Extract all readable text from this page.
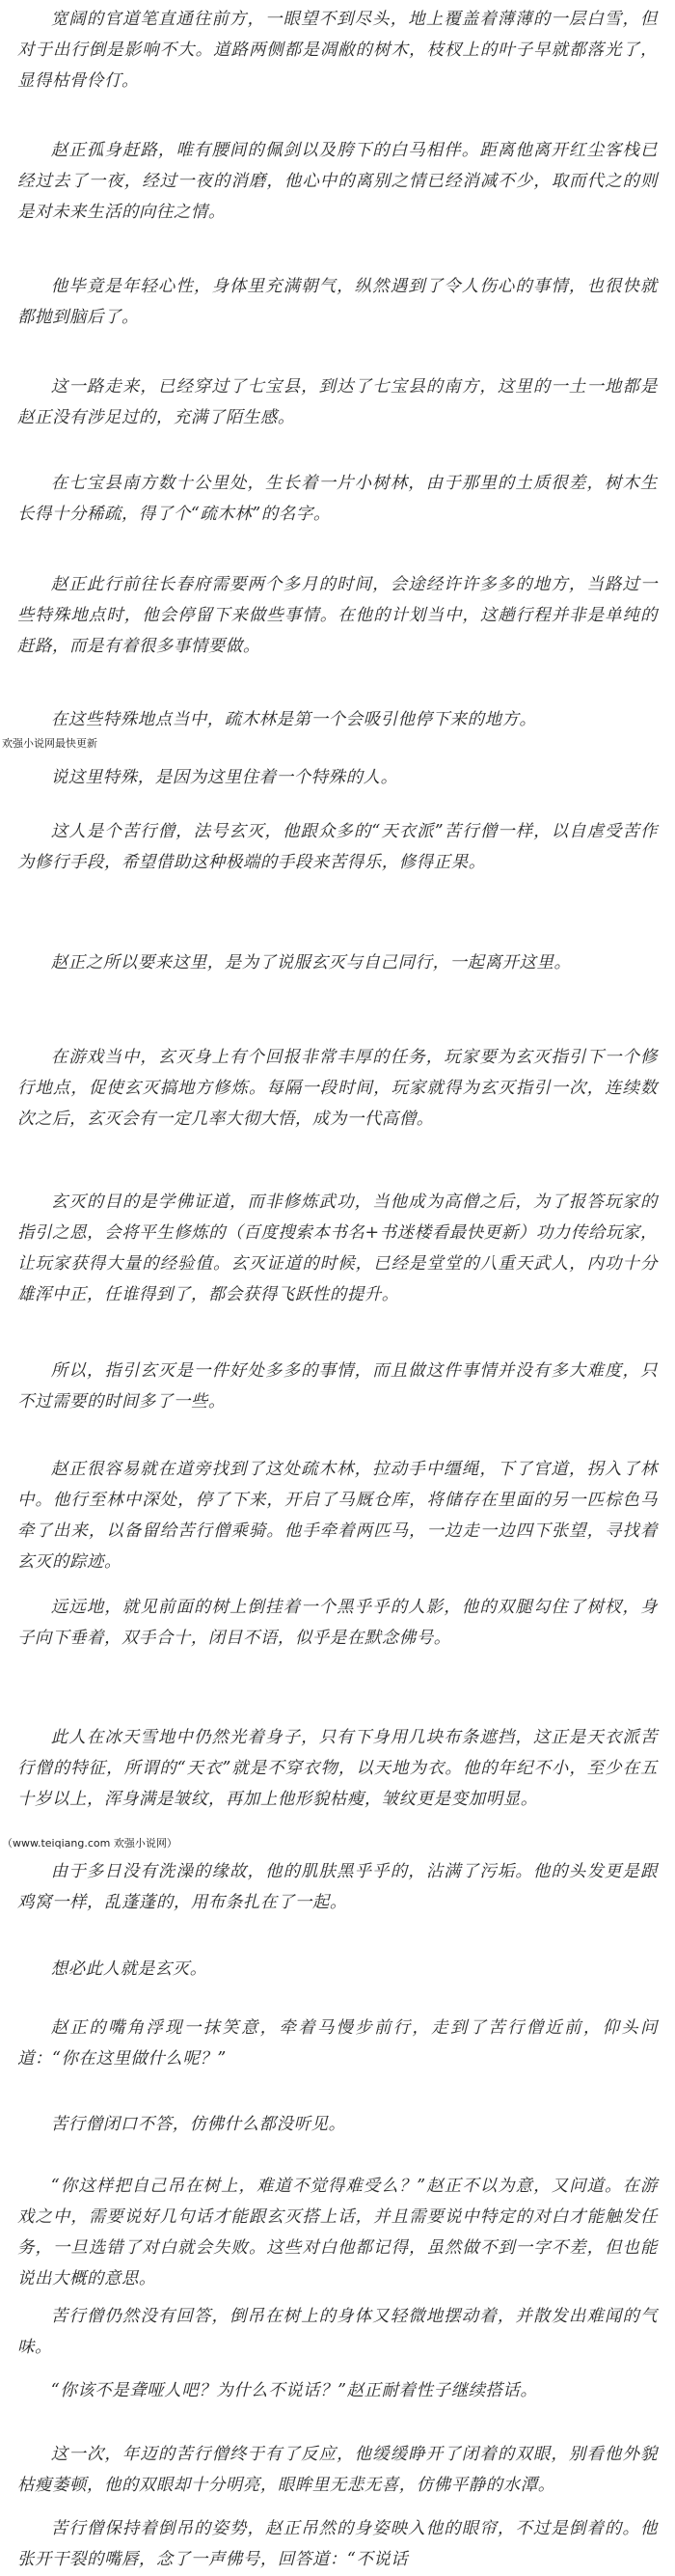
宽阔的官道笔直通往前方，一眼望不到尽头，地上覆盖着薄薄的一层白雪，但对于出行倒是影响不大。道路两侧都是凋敝的树木，枝杈上的叶子早就都落光了，显得枯骨伶仃。

赵正孤身赶路，唯有腰间的佩剑以及胯下的白马相伴。距离他离开红尘客栈已经过去了一夜，经过一夜的消磨，他心中的离别之情已经消减不少，取而代之的则是对未来生活的向往之情。

他毕竟是年轻心性，身体里充满朝气，纵然遇到了令人伤心的事情，也很快就都抛到脑后了。

这一路走来，已经穿过了七宝县，到达了七宝县的南方，这里的一土一地都是赵正没有涉足过的，充满了陌生感。

在七宝县南方数十公里处，生长着一片小树林，由于那里的土质很差，树木生长得十分稀疏，得了个“疏木林”的名字。

赵正此行前往长春府需要两个多月的时间，会途经许许多多的地方，当路过一些特殊地点时，他会停留下来做些事情。在他的计划当中，这趟行程并非是单纯的赶路，而是有着很多事情要做。

在这些特殊地点当中，疏木林是第一个会吸引他停下来的地方。

欢强小说网最快更新

说这里特殊，是因为这里住着一个特殊的人。

这人是个苦行僧，法号玄灭，他跟众多的“天衣派”苦行僧一样，以自虐受苦作为修行手段，希望借助这种极端的手段来苦得乐，修得正果。

赵正之所以要来这里，是为了说服玄灭与自己同行，一起离开这里。

在游戏当中，玄灭身上有个回报非常丰厚的任务，玩家要为玄灭指引下一个修行地点，促使玄灭搞地方修炼。每隔一段时间，玩家就得为玄灭指引一次，连续数次之后，玄灭会有一定几率大彻大悟，成为一代高僧。

玄灭的目的是学佛证道，而非修炼武功，当他成为高僧之后，为了报答玩家的指引之恩，会将平生修炼的（百度搜索本书名+书迷楼看最快更新）功力传给玩家，让玩家获得大量的经验值。玄灭证道的时候，已经是堂堂的八重天武人，内功十分雄浑中正，任谁得到了，都会获得飞跃性的提升。

所以，指引玄灭是一件好处多多的事情，而且做这件事情并没有多大难度，只不过需要的时间多了一些。

赵正很容易就在道旁找到了这处疏木林，拉动手中缰绳，下了官道，拐入了林中。他行至林中深处，停了下来，开启了马厩仓库，将储存在里面的另一匹棕色马牵了出来，以备留给苦行僧乘骑。他手牵着两匹马，一边走一边四下张望，寻找着玄灭的踪迹。

远远地，就见前面的树上倒挂着一个黑乎乎的人影，他的双腿勾住了树杈，身子向下垂着，双手合十，闭目不语，似乎是在默念佛号。

此人在冰天雪地中仍然光着身子，只有下身用几块布条遮挡，这正是天衣派苦行僧的特征，所谓的“天衣”就是不穿衣物，以天地为衣。他的年纪不小，至少在五十岁以上，浑身满是皱纹，再加上他形貌枯瘦，皱纹更是变加明显。

（www.teiqiang.com 欢强小说网）

由于多日没有洗澡的缘故，他的肌肤黑乎乎的，沾满了污垢。他的头发更是跟鸡窝一样，乱蓬蓬的，用布条扎在了一起。

想必此人就是玄灭。

赵正的嘴角浮现一抹笑意，牵着马慢步前行，走到了苦行僧近前，仰头问道：“你在这里做什么呢？”

苦行僧闭口不答，仿佛什么都没听见。

“你这样把自己吊在树上，难道不觉得难受么？”赵正不以为意，又问道。在游戏之中，需要说好几句话才能跟玄灭搭上话，并且需要说中特定的对白才能触发任务，一旦选错了对白就会失败。这些对白他都记得，虽然做不到一字不差，但也能说出大概的意思。

苦行僧仍然没有回答，倒吊在树上的身体又轻微地摆动着，并散发出难闻的气味。

“你该不是聋哑人吧？为什么不说话？”赵正耐着性子继续搭话。

这一次，年迈的苦行僧终于有了反应，他缓缓睁开了闭着的双眼，别看他外貌枯瘦萎顿，他的双眼却十分明亮，眼眸里无悲无喜，仿佛平静的水潭。

苦行僧保持着倒吊的姿势，赵正吊然的身姿映入他的眼帘，不过是倒着的。他张开干裂的嘴唇，念了一声佛号，回答道：“不说话
